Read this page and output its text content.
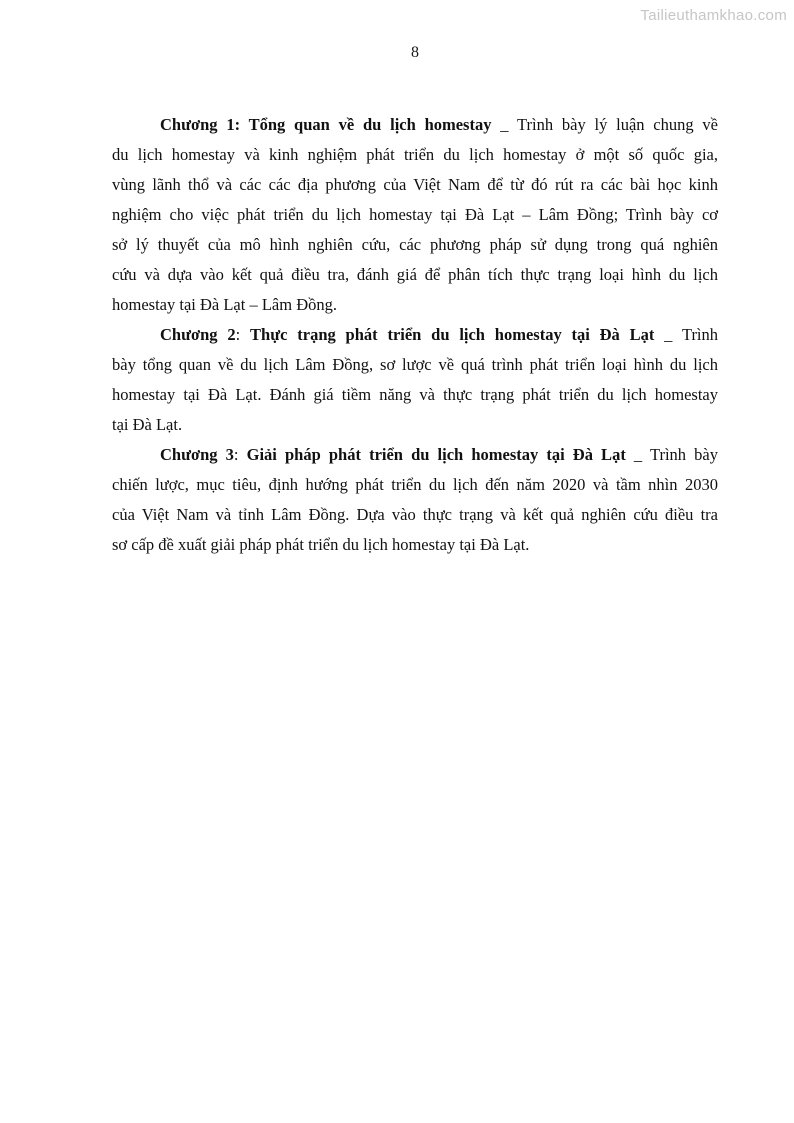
Tailieuthamkhao.com
8
Chương 1: Tổng quan về du lịch homestay _ Trình bày lý luận chung về
du lịch homestay và kinh nghiệm phát triển du lịch homestay ở một số quốc gia,
vùng lãnh thổ và các các địa phương của Việt Nam để từ đó rút ra các bài học kinh
nghiệm cho việc phát triển du lịch homestay tại Đà Lạt – Lâm Đồng; Trình bày cơ
sở lý thuyết của mô hình nghiên cứu, các phương pháp sử dụng trong quá nghiên
cứu và dựa vào kết quả điều tra, đánh giá để phân tích thực trạng loại hình du lịch
homestay tại Đà Lạt – Lâm Đồng.
Chương 2: Thực trạng phát triển du lịch homestay tại Đà Lạt _ Trình
bày tổng quan về du lịch Lâm Đồng, sơ lược về quá trình phát triển loại hình du lịch
homestay tại Đà Lạt. Đánh giá tiềm năng và thực trạng phát triển du lịch homestay
tại Đà Lạt.
Chương 3: Giải pháp phát triển du lịch homestay tại Đà Lạt _ Trình bày
chiến lược, mục tiêu, định hướng phát triển du lịch đến năm 2020 và tầm nhìn 2030
của Việt Nam và tỉnh Lâm Đồng. Dựa vào thực trạng và kết quả nghiên cứu điều tra
sơ cấp đề xuất giải pháp phát triển du lịch homestay tại Đà Lạt.
